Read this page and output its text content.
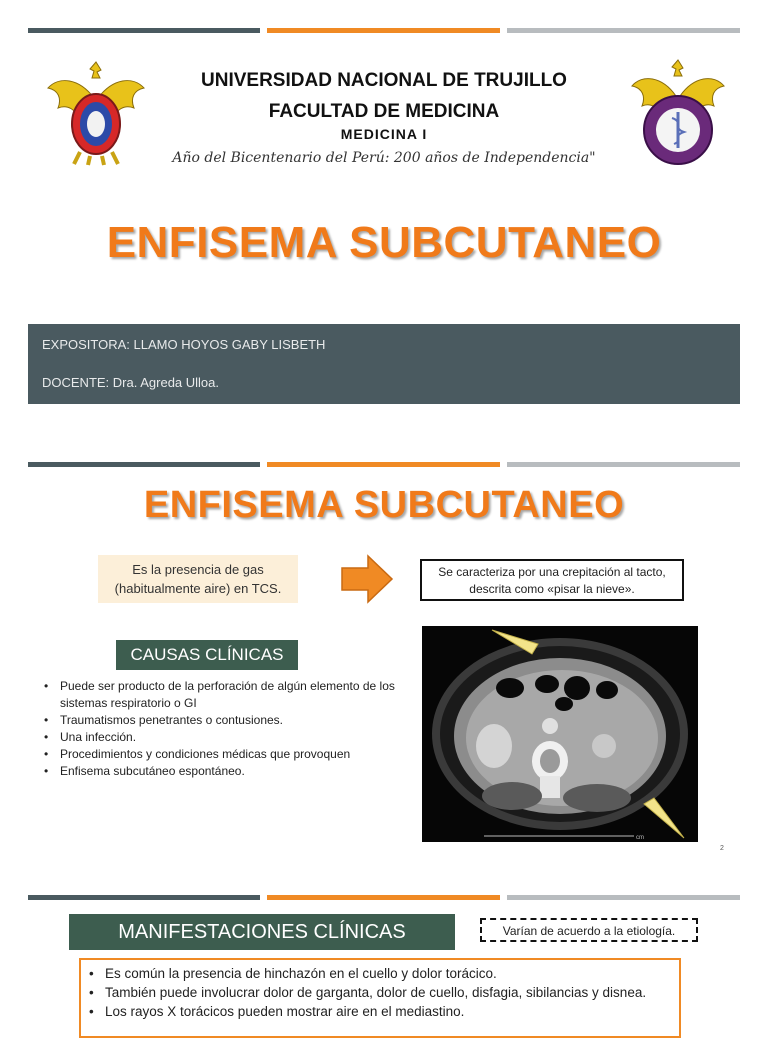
UNIVERSIDAD NACIONAL DE TRUJILLO
FACULTAD DE MEDICINA
MEDICINA I
Año del Bicentenario del Perú: 200 años de Independencia"
ENFISEMA SUBCUTANEO
EXPOSITORA: LLAMO HOYOS GABY LISBETH
DOCENTE: Dra. Agreda Ulloa.
ENFISEMA SUBCUTANEO
Es la presencia de gas
(habitualmente aire) en TCS.
Se caracteriza por una crepitación al tacto,
descrita como «pisar la nieve».
CAUSAS CLÍNICAS
• Puede ser producto de la perforación de algún elemento de los sistemas respiratorio o GI
• Traumatismos penetrantes o contusiones.
• Una infección.
• Procedimientos y condiciones médicas que provoquen
• Enfisema subcutáneo espontáneo.
cm
2
MANIFESTACIONES CLÍNICAS	Varían de acuerdo a la etiología.
• Es común la presencia de hinchazón en el cuello y dolor torácico.
• También puede involucrar dolor de garganta, dolor de cuello, disfagia, sibilancias y disnea.
• Los rayos X torácicos pueden mostrar aire en el mediastino.
